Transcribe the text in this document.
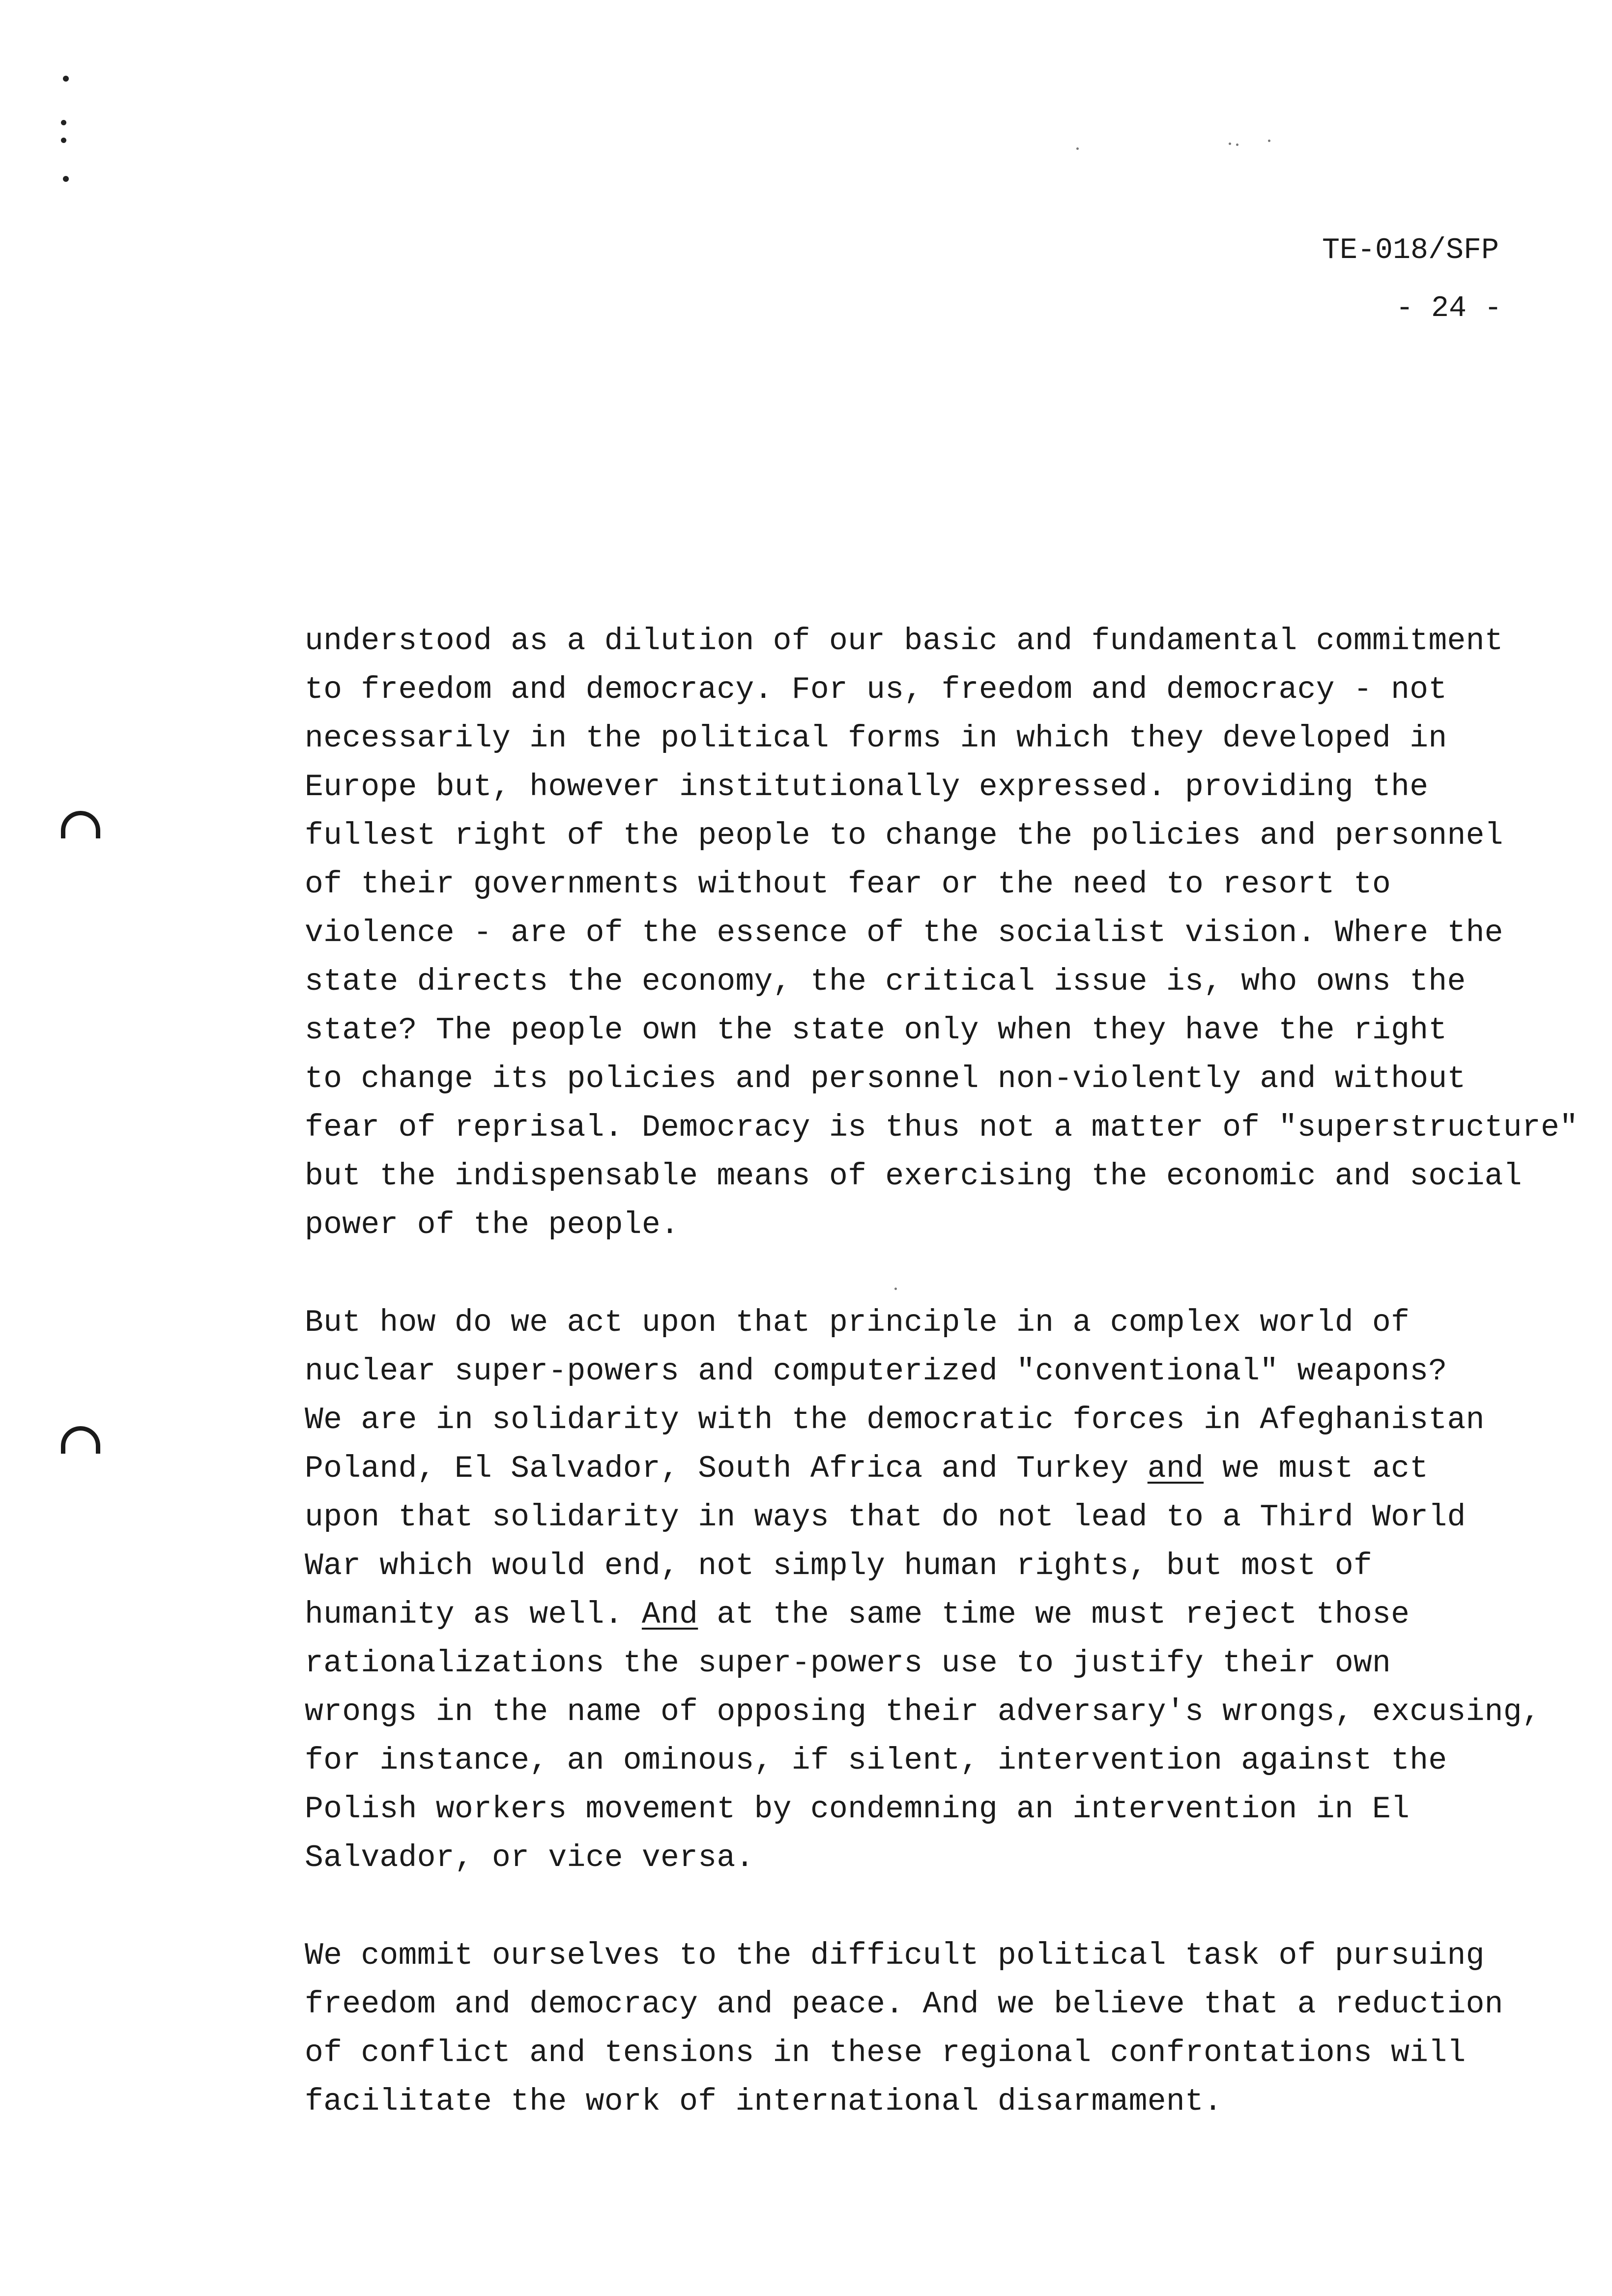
TE-018/SFP
- 24 -
understood as a dilution of our basic and fundamental commitment
to freedom and democracy. For us, freedom and democracy - not
necessarily in the political forms in which they developed in
Europe but, however institutionally expressed. providing the
fullest right of the people to change the policies and personnel
of their governments without fear or the need to resort to
violence - are of the essence of the socialist vision. Where the
state directs the economy, the critical issue is, who owns the
state? The people own the state only when they have the right
to change its policies and personnel non-violently and without
fear of reprisal. Democracy is thus not a matter of "superstructure"
but the indispensable means of exercising the economic and social
power of the people.
But how do we act upon that principle in a complex world of
nuclear super-powers and computerized "conventional" weapons?
We are in solidarity with the democratic forces in Afeghanistan
Poland, El Salvador, South Africa and Turkey and we must act
upon that solidarity in ways that do not lead to a Third World
War which would end, not simply human rights, but most of
humanity as well. And at the same time we must reject those
rationalizations the super-powers use to justify their own
wrongs in the name of opposing their adversary's wrongs, excusing,
for instance, an ominous, if silent, intervention against the
Polish workers movement by condemning an intervention in El
Salvador, or vice versa.
We commit ourselves to the difficult political task of pursuing
freedom and democracy and peace. And we believe that a reduction
of conflict and tensions in these regional confrontations will
facilitate the work of international disarmament.
